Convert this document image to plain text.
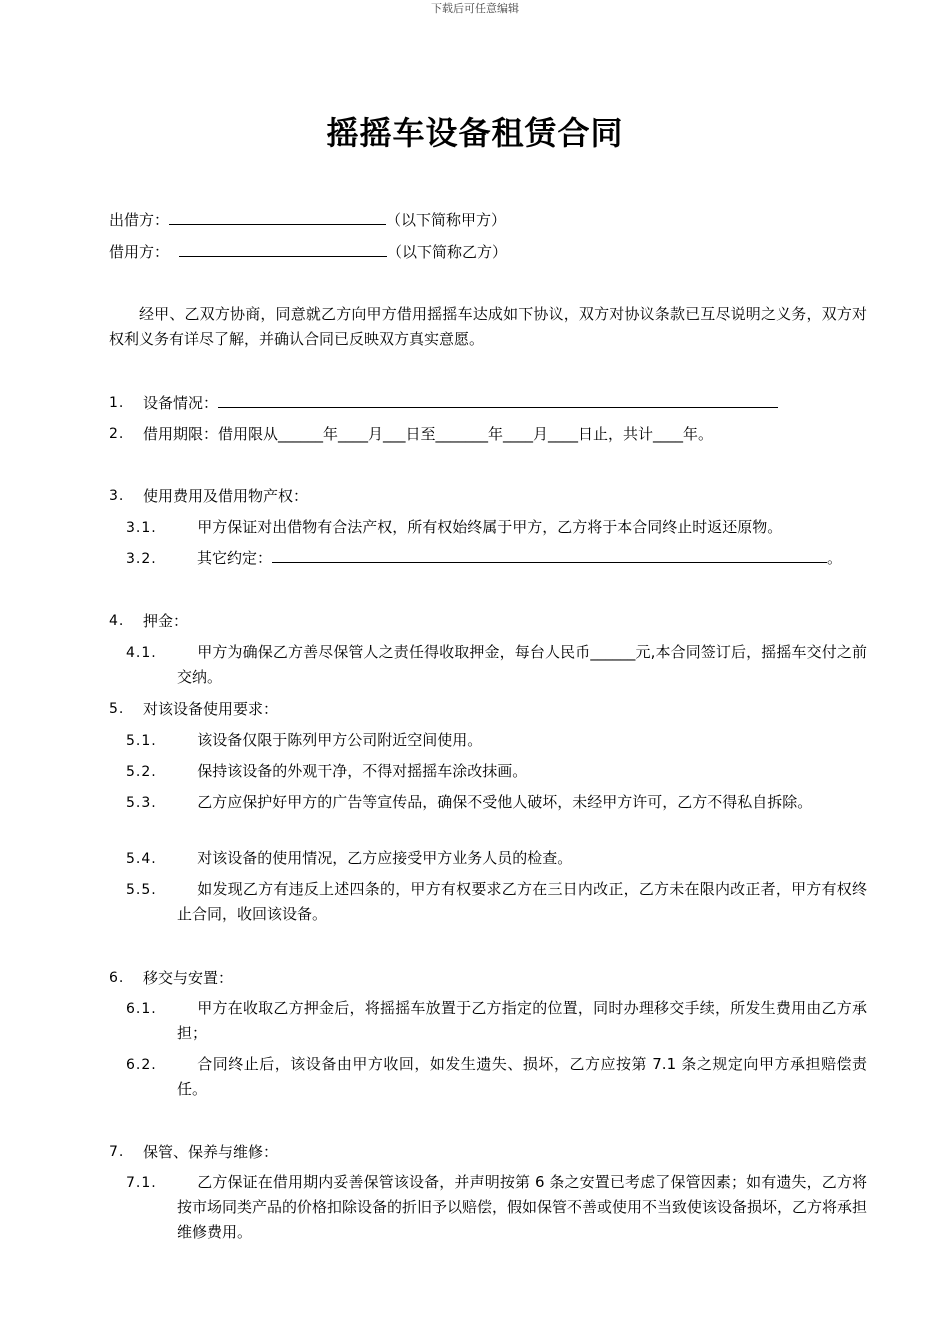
下载后可任意编辑
摇摇车设备租赁合同
出借方：	（以下简称甲方）
借用方：	（以下简称乙方）
经甲、乙双方协商，同意就乙方向甲方借用摇摇车达成如下协议，双方对协议条款已互尽说明之义务，双方对权利义务有详尽了解，并确认合同已反映双方真实意愿。
1. 设备情况：
2. 借用期限：借用限从______年____月___日至_______年____月____日止，共计____年。
3. 使用费用及借用物产权：
3.1.	甲方保证对出借物有合法产权，所有权始终属于甲方，乙方将于本合同终止时返还原物。
3.2.	其它约定：	。
4. 押金：
4.1.	甲方为确保乙方善尽保管人之责任得收取押金，每台人民币______元,本合同签订后，摇摇车交付之前交纳。
5. 对该设备使用要求：
5.1.	该设备仅限于陈列甲方公司附近空间使用。
5.2.	保持该设备的外观干净，不得对摇摇车涂改抹画。
5.3.	乙方应保护好甲方的广告等宣传品，确保不受他人破坏，未经甲方许可，乙方不得私自拆除。
5.4.	对该设备的使用情况，乙方应接受甲方业务人员的检查。
5.5.	如发现乙方有违反上述四条的，甲方有权要求乙方在三日内改正，乙方未在限内改正者，甲方有权终止合同，收回该设备。
6. 移交与安置：
6.1.	甲方在收取乙方押金后，将摇摇车放置于乙方指定的位置，同时办理移交手续，所发生费用由乙方承担；
6.2.	合同终止后，该设备由甲方收回，如发生遗失、损坏，乙方应按第 7.1 条之规定向甲方承担赔偿责任。
7. 保管、保养与维修：
7.1.	乙方保证在借用期内妥善保管该设备，并声明按第 6 条之安置已考虑了保管因素；如有遗失，乙方将按市场同类产品的价格扣除设备的折旧予以赔偿，假如保管不善或使用不当致使该设备损坏，乙方将承担维修费用。
